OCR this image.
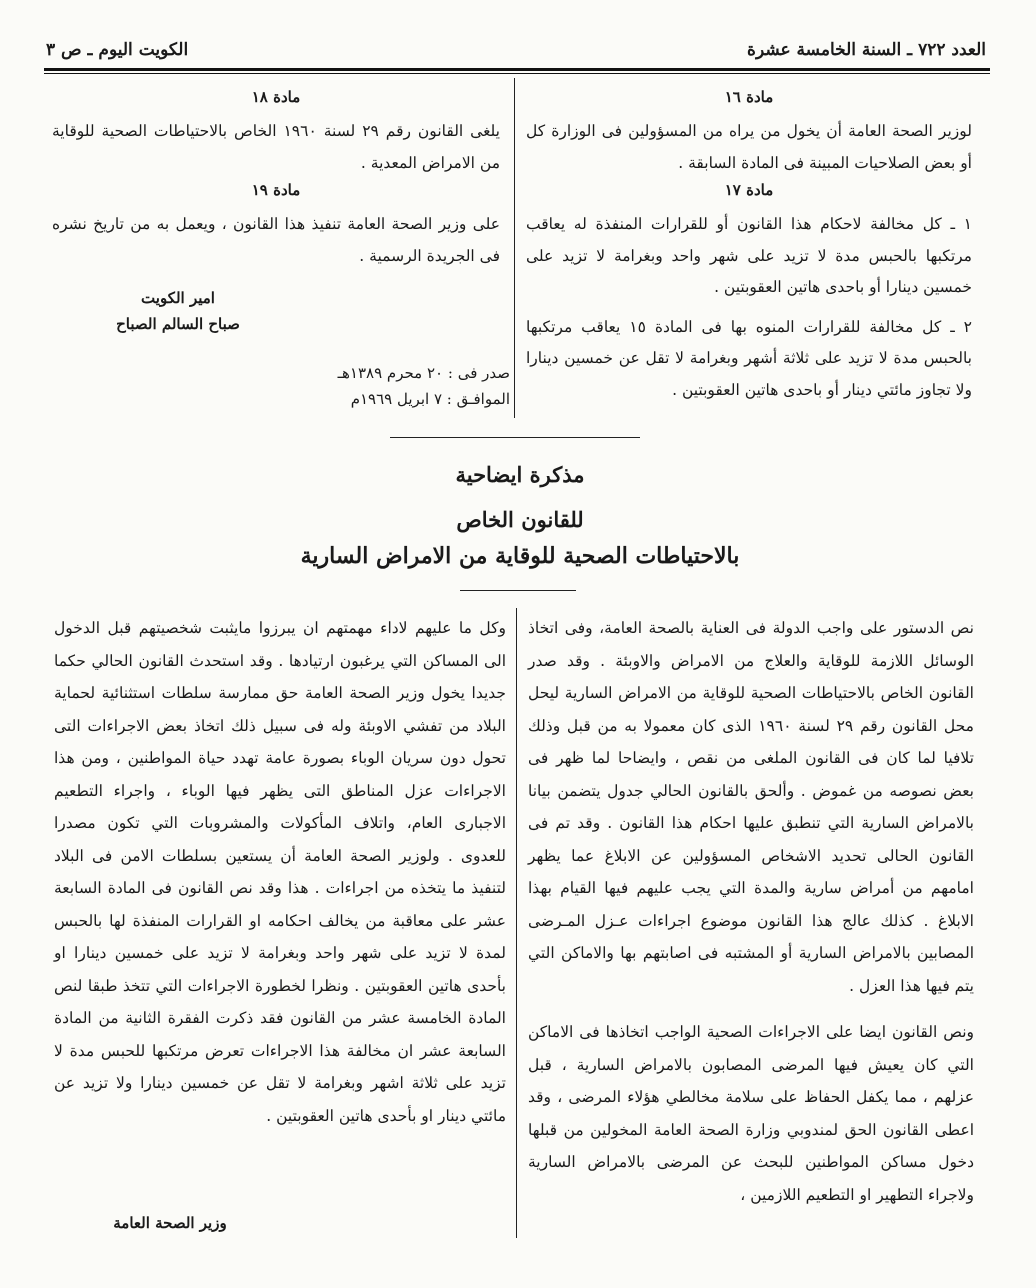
العدد ٧٢٢ ـ السنة الخامسة عشرة
الكويت اليوم ـ ص ٣
مادة ١٦

لوزير الصحة العامة أن يخول من يراه من المسؤولين فى الوزارة كل أو بعض الصلاحيات المبينة فى المادة السابقة .

مادة ١٧

١ ـ كل مخالفة لاحكام هذا القانون أو للقرارات المنفذة له يعاقب مرتكبها بالحبس مدة لا تزيد على شهر واحد وبغرامة لا تزيد على خمسين دينارا أو باحدى هاتين العقوبتين .

٢ ـ كل مخالفة للقرارات المنوه بها فى المادة ١٥ يعاقب مرتكبها بالحبس مدة لا تزيد على ثلاثة أشهر وبغرامة لا تقل عن خمسين دينارا ولا تجاوز مائتي دينار أو باحدى هاتين العقوبتين .

مادة ١٨

يلغى القانون رقم ٢٩ لسنة ١٩٦٠ الخاص بالاحتياطات الصحية للوقاية من الامراض المعدية .

مادة ١٩

على وزير الصحة العامة تنفيذ هذا القانون ، ويعمل به من تاريخ نشره فى الجريدة الرسمية .

امير الكويت
صباح السالم الصباح
صدر فى : ٢٠ محرم ١٣٨٩هـ
الموافـق : ٧ ابريل ١٩٦٩م
مذكرة ايضاحية
للقانون الخاص
بالاحتياطات الصحية للوقاية من الامراض السارية

نص الدستور على واجب الدولة فى العناية بالصحة العامة، وفى اتخاذ الوسائل اللازمة للوقاية والعلاج من الامراض والاوبئة . وقد صدر القانون الخاص بالاحتياطات الصحية للوقاية من الامراض السارية ليحل محل القانون رقم ٢٩ لسنة ١٩٦٠ الذى كان معمولا به من قبل وذلك تلافيا لما كان فى القانون الملغى من نقص ، وايضاحا لما ظهر فى بعض نصوصه من غموض . وألحق بالقانون الحالي جدول يتضمن بيانا بالامراض السارية التي تنطبق عليها احكام هذا القانون . وقد تم فى القانون الحالى تحديد الاشخاص المسؤولين عن الابلاغ عما يظهر امامهم من أمراض سارية والمدة التي يجب عليهم فيها القيام بهذا الابلاغ . كذلك عالج هذا القانون موضوع اجراءات عـزل المـرضى المصابين بالامراض السارية أو المشتبه فى اصابتهم بها والاماكن التي يتم فيها هذا العزل .

ونص القانون ايضا على الاجراءات الصحية الواجب اتخاذها فى الاماكن التي كان يعيش فيها المرضى المصابون بالامراض السارية ، قبل عزلهم ، مما يكفل الحفاظ على سلامة مخالطي هؤلاء المرضى ، وقد اعطى القانون الحق لمندوبي وزارة الصحة العامة المخولين من قبلها دخول مساكن المواطنين للبحث عن المرضى بالامراض السارية ولاجراء التطهير او التطعيم اللازمين ،

وكل ما عليهم لاداء مهمتهم ان يبرزوا مايثبت شخصيتهم قبل الدخول الى المساكن التي يرغبون ارتيادها . وقد استحدث القانون الحالي حكما جديدا يخول وزير الصحة العامة حق ممارسة سلطات استثنائية لحماية البلاد من تفشي الاوبئة وله فى سبيل ذلك اتخاذ بعض الاجراءات التى تحول دون سريان الوباء بصورة عامة تهدد حياة المواطنين ، ومن هذا الاجراءات عزل المناطق التى يظهر فيها الوباء ، واجراء التطعيم الاجبارى العام، واتلاف المأكولات والمشروبات التي تكون مصدرا للعدوى . ولوزير الصحة العامة أن يستعين بسلطات الامن فى البلاد لتنفيذ ما يتخذه من اجراءات . هذا وقد نص القانون فى المادة السابعة عشر على معاقبة من يخالف احكامه او القرارات المنفذة لها بالحبس لمدة لا تزيد على شهر واحد وبغرامة لا تزيد على خمسين دينارا او بأحدى هاتين العقوبتين . ونظرا لخطورة الاجراءات التي تتخذ طبقا لنص المادة الخامسة عشر من القانون فقد ذكرت الفقرة الثانية من المادة السابعة عشر ان مخالفة هذا الاجراءات تعرض مرتكبها للحبس مدة لا تزيد على ثلاثة اشهر وبغرامة لا تقل عن خمسين دينارا ولا تزيد عن مائتي دينار او بأحدى هاتين العقوبتين .

وزير الصحة العامة
